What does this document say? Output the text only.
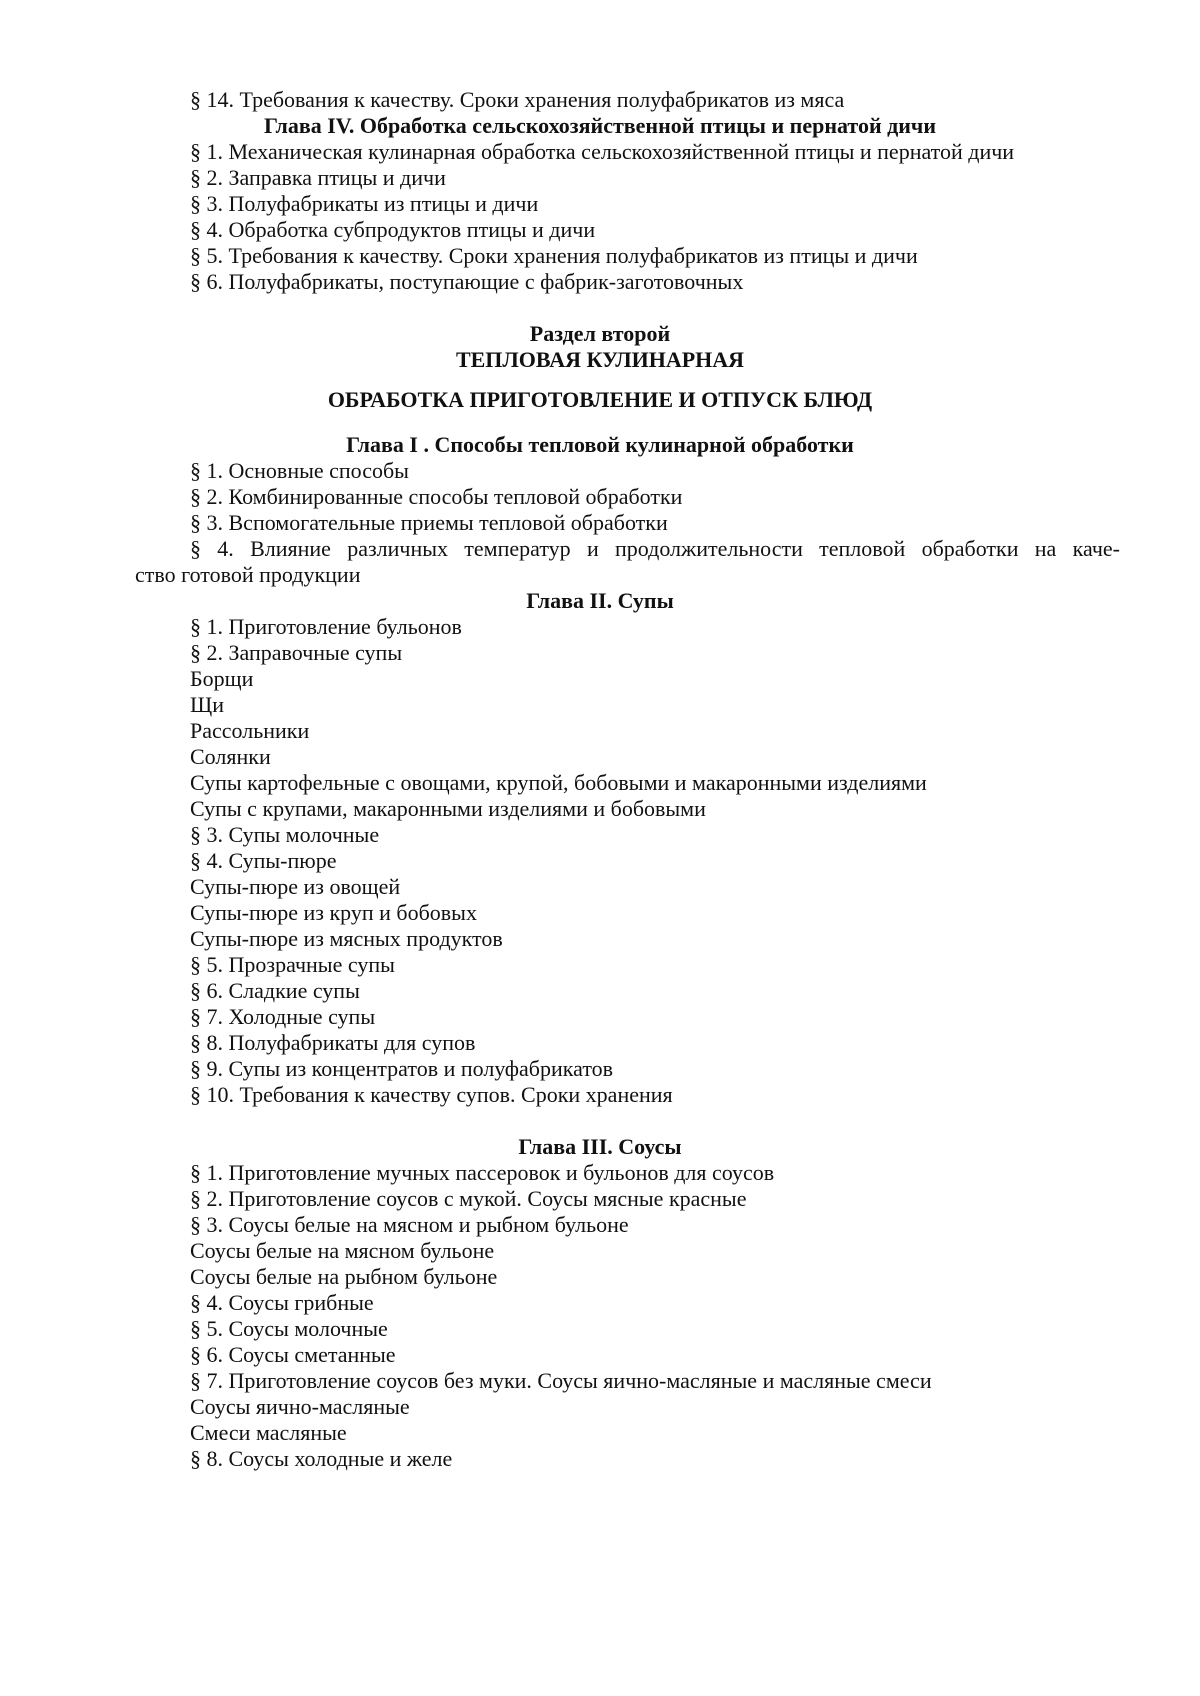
§ 14. Требования к качеству. Сроки хранения полуфабрикатов из мяса
Глава IV. Обработка сельскохозяйственной птицы и пернатой дичи
§ 1. Механическая кулинарная обработка сельскохозяйственной птицы и пернатой дичи
§ 2. Заправка птицы и дичи
§ 3. Полуфабрикаты из птицы и дичи
§ 4. Обработка субпродуктов птицы и дичи
§ 5. Требования к качеству. Сроки хранения полуфабрикатов из птицы и дичи
§ 6. Полуфабрикаты, поступающие с фабрик-заготовочных
Раздел второй
ТЕПЛОВАЯ КУЛИНАРНАЯ
ОБРАБОТКА ПРИГОТОВЛЕНИЕ И ОТПУСК БЛЮД
Глава I . Способы тепловой кулинарной обработки
§ 1. Основные способы
§ 2. Комбинированные способы тепловой обработки
§ 3. Вспомогательные приемы тепловой обработки
§ 4. Влияние различных температур и продолжительности тепловой обработки на каче-
ство готовой продукции
Глава II. Супы
§ 1. Приготовление бульонов
§ 2. Заправочные супы
Борщи
Щи
Рассольники
Солянки
Супы картофельные с овощами, крупой, бобовыми и макаронными изделиями
Супы с крупами, макаронными изделиями и бобовыми
§ 3. Супы молочные
§ 4. Супы-пюре
Супы-пюре из овощей
Супы-пюре из круп и бобовых
Супы-пюре из мясных продуктов
§ 5. Прозрачные супы
§ 6. Сладкие супы
§ 7. Холодные супы
§ 8. Полуфабрикаты для супов
§ 9. Супы из концентратов и полуфабрикатов
§ 10. Требования к качеству супов. Сроки хранения
Глава III. Соусы
§ 1. Приготовление мучных пассеровок и бульонов для соусов
§ 2. Приготовление соусов с мукой. Соусы мясные красные
§ 3. Соусы белые на мясном и рыбном бульоне
Соусы белые на мясном бульоне
Соусы белые на рыбном бульоне
§ 4. Соусы грибные
§ 5. Соусы молочные
§ 6. Соусы сметанные
§ 7. Приготовление соусов без муки. Соусы яично-масляные и масляные смеси
Соусы яично-масляные
Смеси масляные
§ 8. Соусы холодные и желе
